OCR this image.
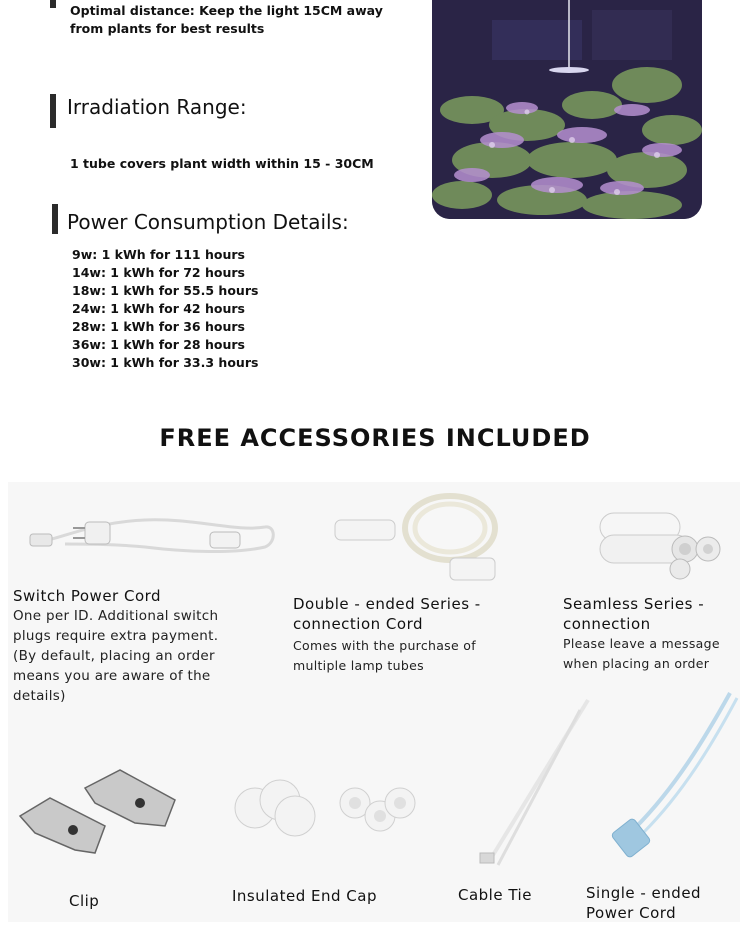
Optimal distance: Keep the light 15CM away from plants for best results
Irradiation Range:
1 tube covers plant width within 15 - 30CM
Power Consumption Details:
9w: 1 kWh for 111 hours
14w: 1 kWh for 72 hours
18w: 1 kWh for 55.5 hours
24w: 1 kWh for 42 hours
28w: 1 kWh for 36 hours
36w: 1 kWh for 28 hours
30w: 1 kWh for 33.3 hours
FREE ACCESSORIES INCLUDED
Switch Power Cord
One per ID. Additional switch plugs require extra payment. (By default, placing an order means you are aware of the details)
Double - ended Series - connection Cord
Comes with the purchase of multiple lamp tubes
Seamless Series - connection
Please leave a message when placing an order
Clip	Insulated End Cap	Cable Tie	Single - ended Power Cord
